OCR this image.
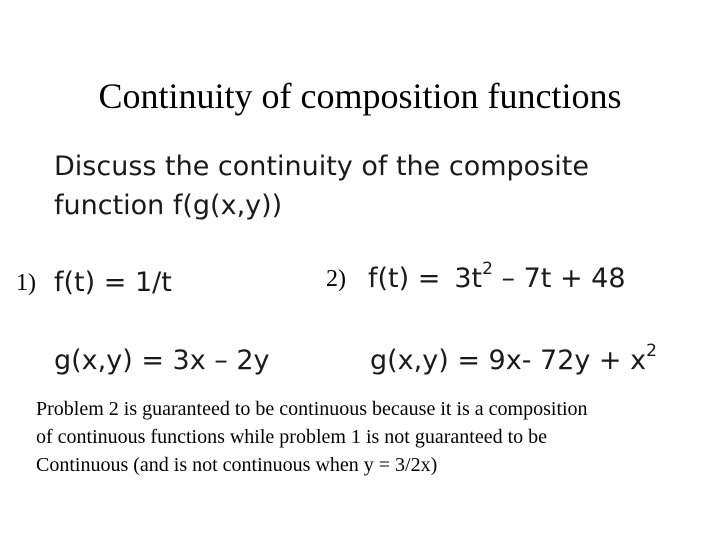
Continuity of composition functions
Discuss the continuity of the composite
function f(g(x,y))
1) f(t) = 1/t	2) $f(t) = 3t^2 - 7t + 48$
g(x,y) = 3x – 2y	g(x,y) = 9x- $72y + x^2$
Problem 2 is guaranteed to be continuous because it is a composition
of continuous functions while problem 1 is not guaranteed to be
Continuous (and is not continuous when y = 3/2x)
